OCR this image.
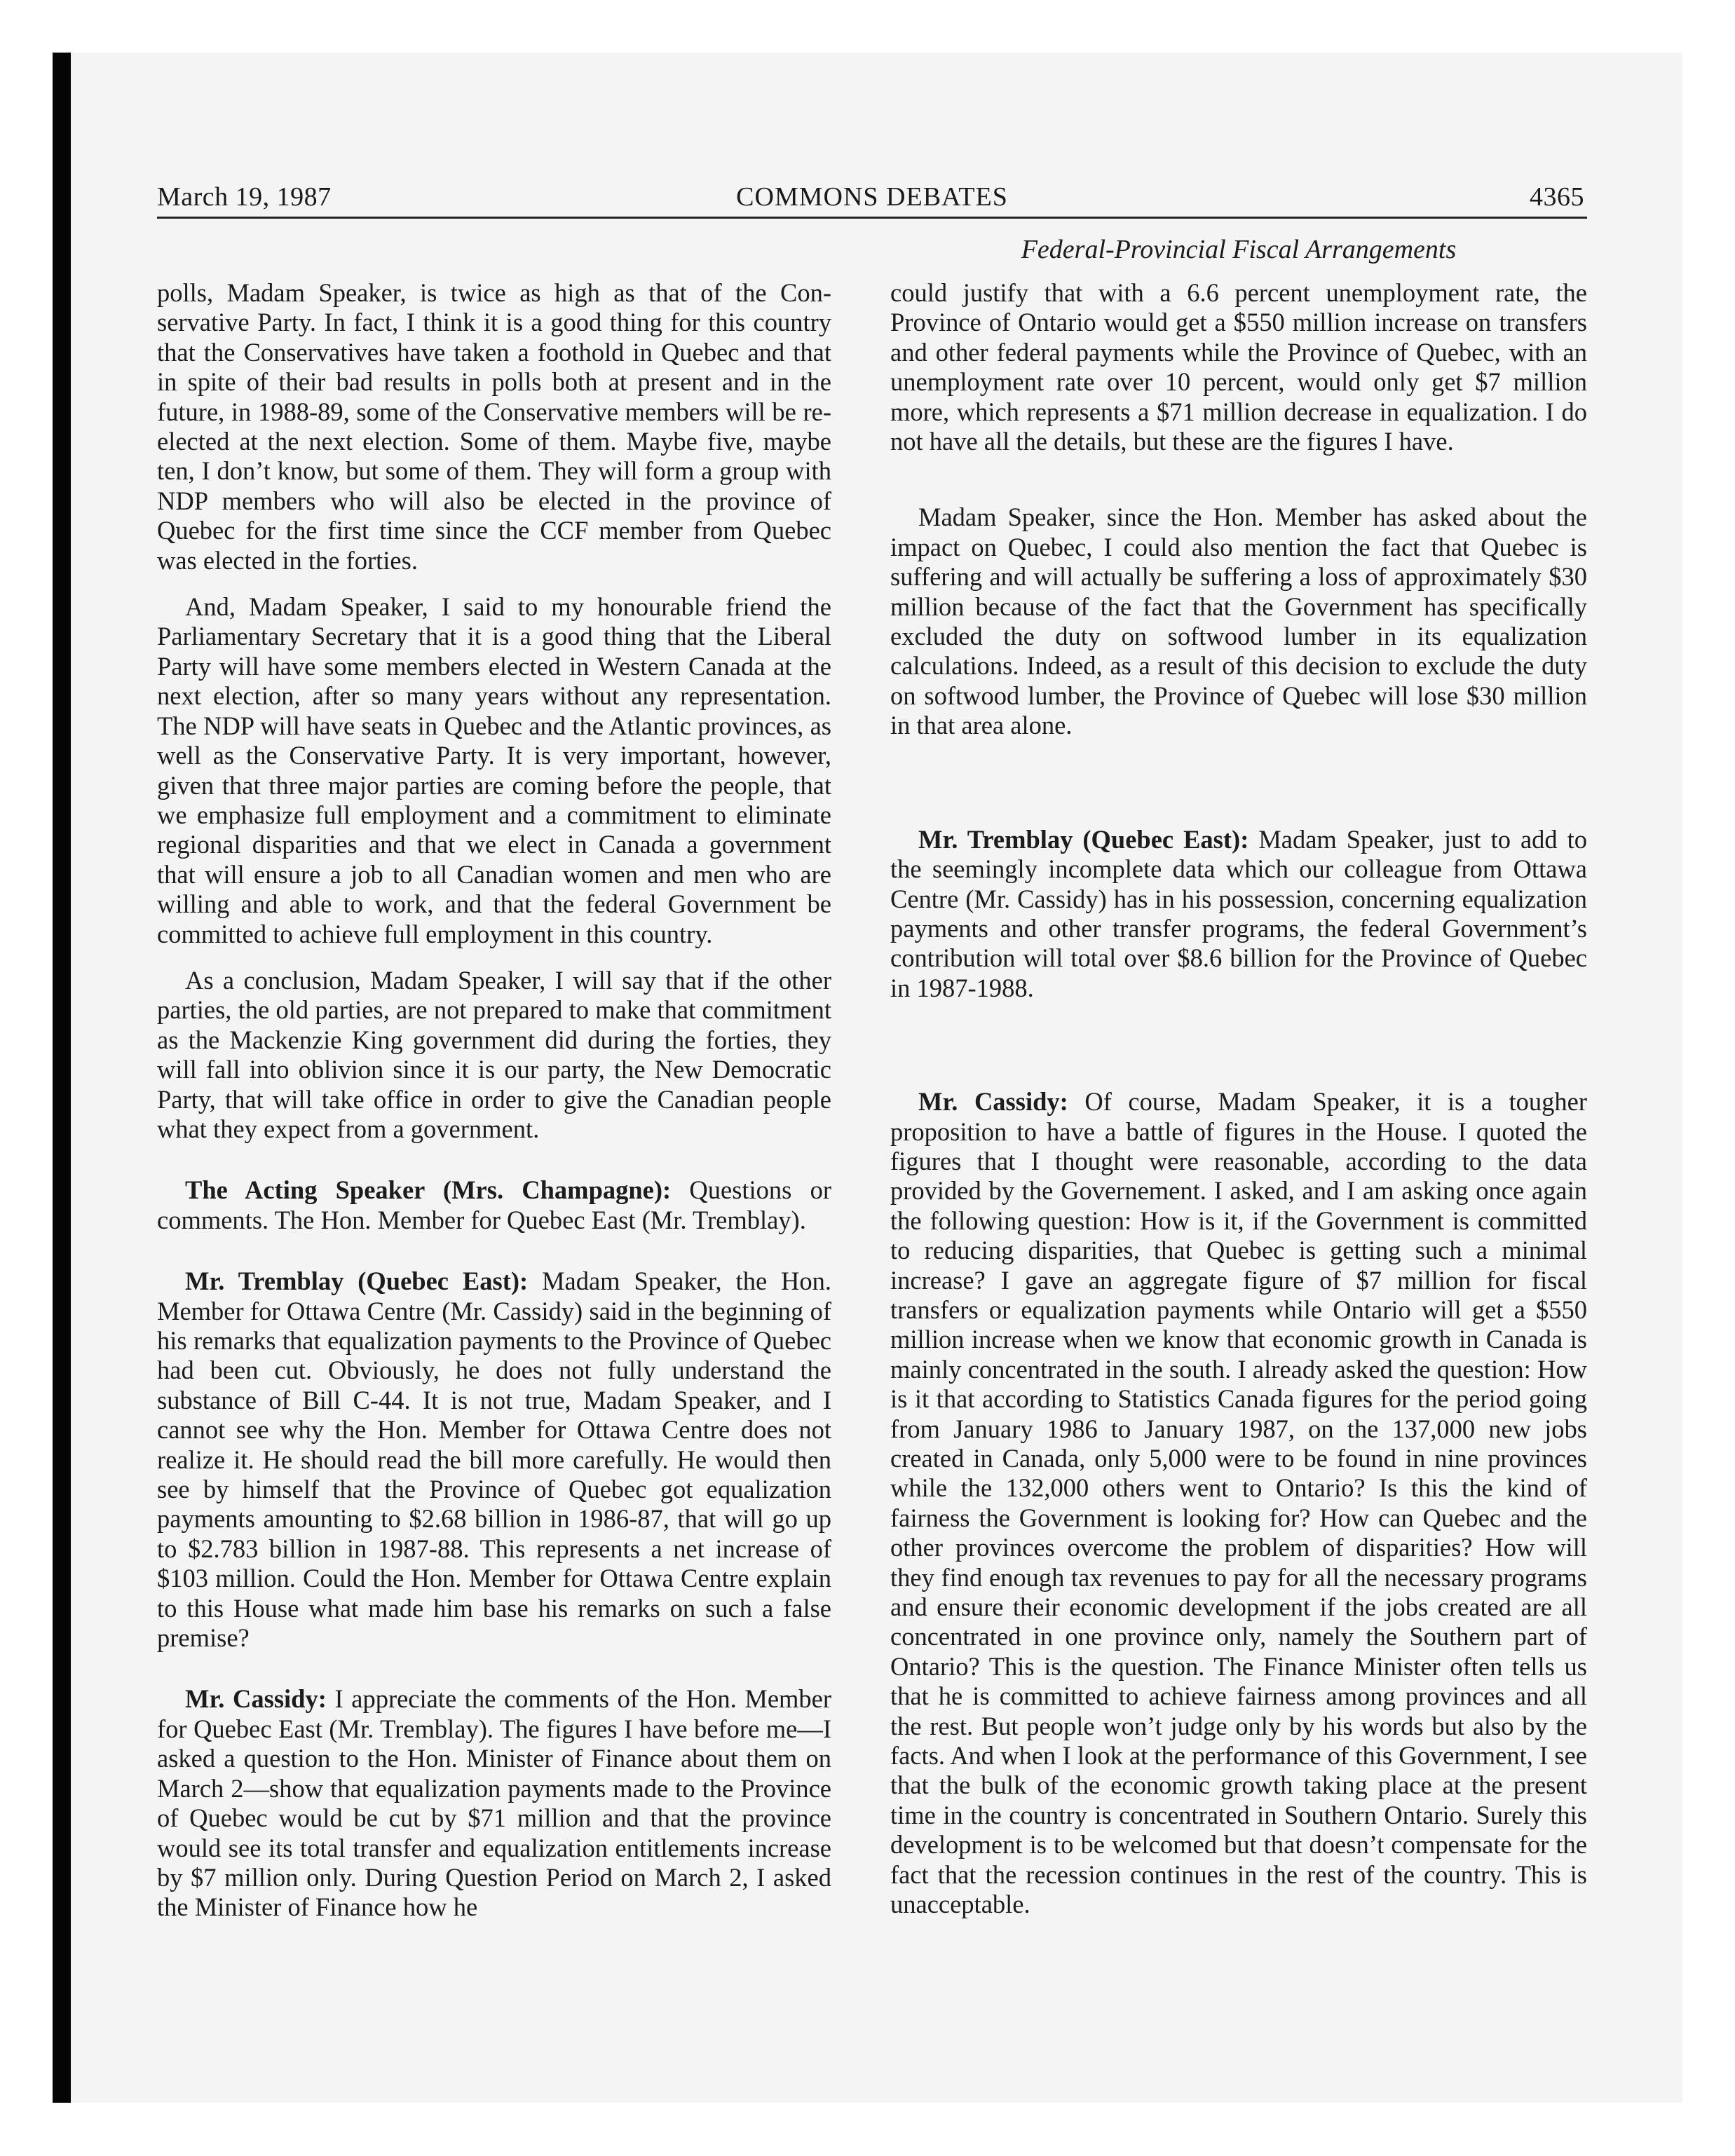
March 19, 1987	COMMONS DEBATES	4365
Federal-Provincial Fiscal Arrangements

polls, Madam Speaker, is twice as high as that of the Conservative Party. In fact, I think it is a good thing for this country that the Conservatives have taken a foothold in Quebec and that in spite of their bad results in polls both at present and in the future, in 1988-89, some of the Conservative members will be re-elected at the next election. Some of them. Maybe five, maybe ten, I don’t know, but some of them. They will form a group with NDP members who will also be elected in the province of Quebec for the first time since the CCF member from Quebec was elected in the forties.

And, Madam Speaker, I said to my honourable friend the Parliamentary Secretary that it is a good thing that the Liberal Party will have some members elected in Western Canada at the next election, after so many years without any representation. The NDP will have seats in Quebec and the Atlantic provinces, as well as the Conservative Party. It is very important, however, given that three major parties are coming before the people, that we emphasize full employment and a commitment to eliminate regional disparities and that we elect in Canada a government that will ensure a job to all Canadian women and men who are willing and able to work, and that the federal Government be committed to achieve full employment in this country.

As a conclusion, Madam Speaker, I will say that if the other parties, the old parties, are not prepared to make that commitment as the Mackenzie King government did during the forties, they will fall into oblivion since it is our party, the New Democratic Party, that will take office in order to give the Canadian people what they expect from a government.

The Acting Speaker (Mrs. Champagne): Questions or comments. The Hon. Member for Quebec East (Mr. Tremblay).

Mr. Tremblay (Quebec East): Madam Speaker, the Hon. Member for Ottawa Centre (Mr. Cassidy) said in the beginning of his remarks that equalization payments to the Province of Quebec had been cut. Obviously, he does not fully understand the substance of Bill C-44. It is not true, Madam Speaker, and I cannot see why the Hon. Member for Ottawa Centre does not realize it. He should read the bill more carefully. He would then see by himself that the Province of Quebec got equalization payments amounting to $2.68 billion in 1986-87, that will go up to $2.783 billion in 1987-88. This represents a net increase of $103 million. Could the Hon. Member for Ottawa Centre explain to this House what made him base his remarks on such a false premise?

Mr. Cassidy: I appreciate the comments of the Hon. Member for Quebec East (Mr. Tremblay). The figures I have before me—I asked a question to the Hon. Minister of Finance about them on March 2—show that equalization payments made to the Province of Quebec would be cut by $71 million and that the province would see its total transfer and equalization entitlements increase by $7 million only. During Question Period on March 2, I asked the Minister of Finance how he

could justify that with a 6.6 percent unemployment rate, the Province of Ontario would get a $550 million increase on transfers and other federal payments while the Province of Quebec, with an unemployment rate over 10 percent, would only get $7 million more, which represents a $71 million decrease in equalization. I do not have all the details, but these are the figures I have.

Madam Speaker, since the Hon. Member has asked about the impact on Quebec, I could also mention the fact that Quebec is suffering and will actually be suffering a loss of approximately $30 million because of the fact that the Government has specifically excluded the duty on softwood lumber in its equalization calculations. Indeed, as a result of this decision to exclude the duty on softwood lumber, the Province of Quebec will lose $30 million in that area alone.

Mr. Tremblay (Quebec East): Madam Speaker, just to add to the seemingly incomplete data which our colleague from Ottawa Centre (Mr. Cassidy) has in his possession, concerning equalization payments and other transfer programs, the federal Government’s contribution will total over $8.6 billion for the Province of Quebec in 1987-1988.

Mr. Cassidy: Of course, Madam Speaker, it is a tougher proposition to have a battle of figures in the House. I quoted the figures that I thought were reasonable, according to the data provided by the Governement. I asked, and I am asking once again the following question: How is it, if the Government is committed to reducing disparities, that Quebec is getting such a minimal increase? I gave an aggregate figure of $7 million for fiscal transfers or equalization payments while Ontario will get a $550 million increase when we know that economic growth in Canada is mainly concentrated in the south. I already asked the question: How is it that according to Statistics Canada figures for the period going from January 1986 to January 1987, on the 137,000 new jobs created in Canada, only 5,000 were to be found in nine provinces while the 132,000 others went to Ontario? Is this the kind of fairness the Government is looking for? How can Quebec and the other provinces overcome the problem of disparities? How will they find enough tax revenues to pay for all the necessary programs and ensure their economic development if the jobs created are all concentrated in one province only, namely the Southern part of Ontario? This is the question. The Finance Minister often tells us that he is committed to achieve fairness among provinces and all the rest. But people won’t judge only by his words but also by the facts. And when I look at the performance of this Government, I see that the bulk of the economic growth taking place at the present time in the country is concentrated in Southern Ontario. Surely this development is to be welcomed but that doesn’t compensate for the fact that the recession continues in the rest of the country. This is unacceptable.
